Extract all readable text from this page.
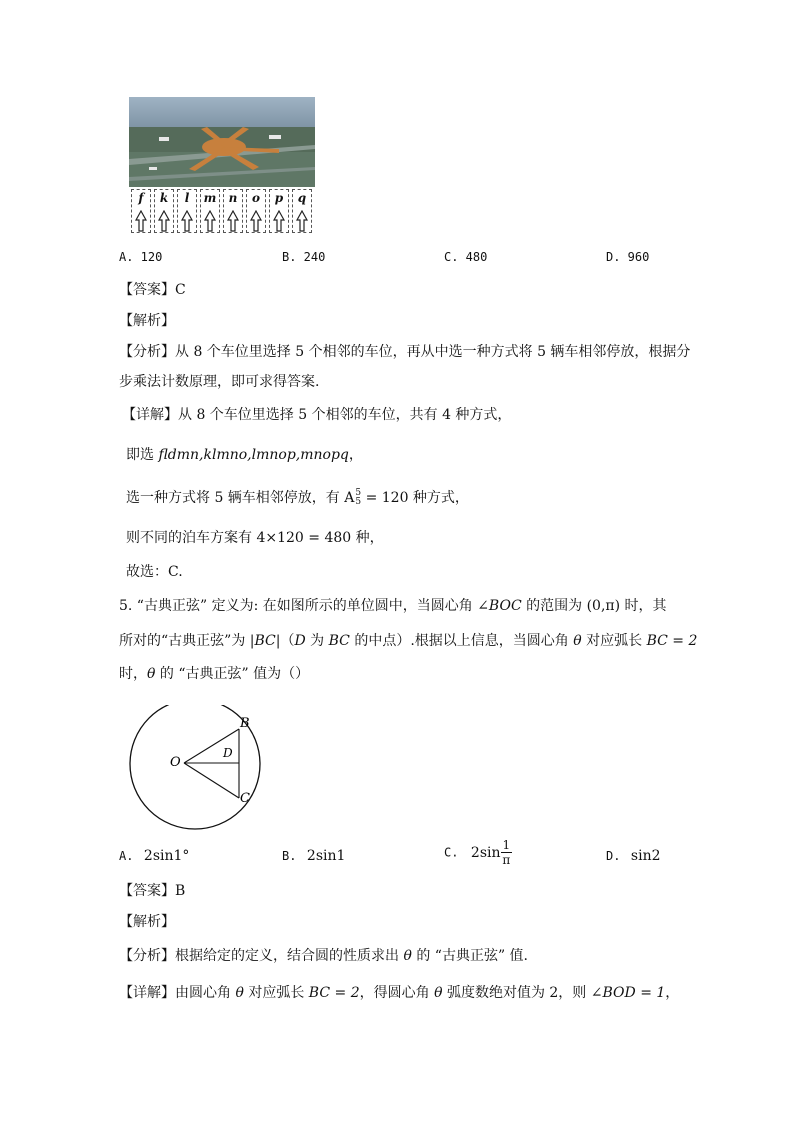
f	k	l	m	n	o	p	q
A. 120	B. 240	C. 480	D. 960
【答案】C
【解析】
【分析】从 8 个车位里选择 5 个相邻的车位，再从中选一种方式将 5 辆车相邻停放，根据分
步乘法计数原理，即可求得答案.
【详解】从 8 个车位里选择 5 个相邻的车位，共有 4 种方式，
即选 fldmn,klmno,lmnop,mnopq，
选一种方式将 5 辆车相邻停放，有 A 5
5 = 120 种方式，
则不同的泊车方案有 4×120 = 480 种，
故选：C.
5. “古典正弦” 定义为: 在如图所示的单位圆中，当圆心角 ∠BOC 的范围为 (0,π) 时，其
所对的“古典正弦”为 |BC|（D 为 BC 的中点）.根据以上信息，当圆心角 θ 对应弧长 BC = 2
时，θ 的 “古典正弦” 值为（）
O
B
C
D
A. 2sin1°	B. 2sin1	C. $2\sin \frac{1}{\pi}$	D. sin2
【答案】B
【解析】
【分析】根据给定的定义，结合圆的性质求出 θ 的 “古典正弦” 值.
【详解】由圆心角 θ 对应弧长 BC = 2，得圆心角 θ 弧度数绝对值为 2，则 ∠BOD = 1，
